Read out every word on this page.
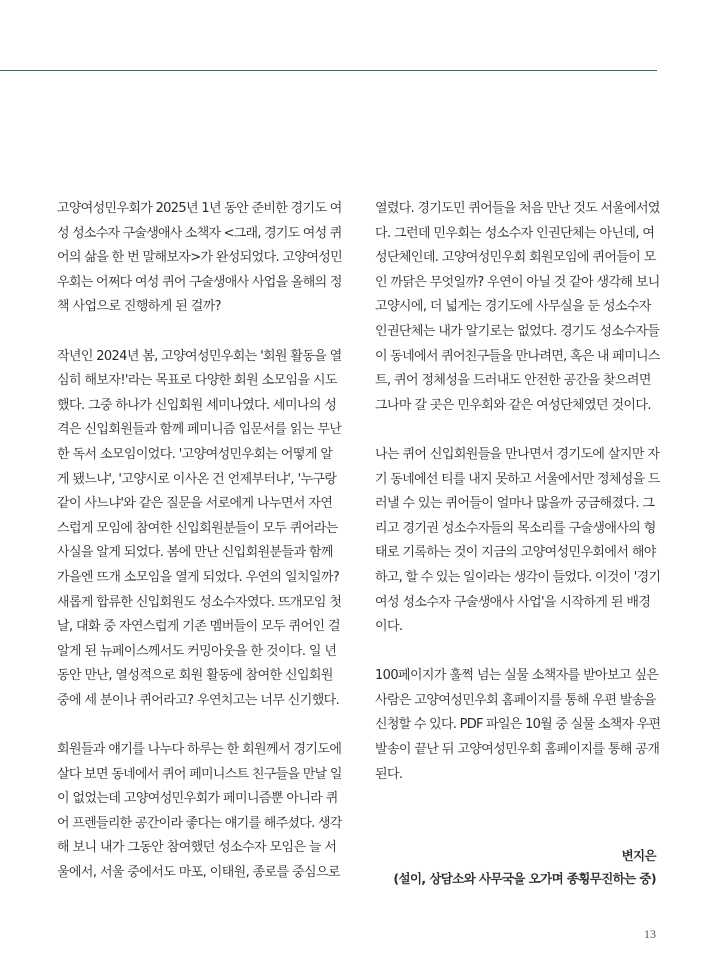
고양여성민우회가 2025년 1년 동안 준비한 경기도 여
성 성소수자 구술생애사 소책자 <그래, 경기도 여성 퀴
어의 삶을 한 번 말해보자>가 완성되었다. 고양여성민
우회는 어쩌다 여성 퀴어 구술생애사 사업을 올해의 정
책 사업으로 진행하게 된 걸까?

작년인 2024년 봄, 고양여성민우회는 '회원 활동을 열
심히 해보자!'라는 목표로 다양한 회원 소모임을 시도
했다. 그중 하나가 신입회원 세미나였다. 세미나의 성
격은 신입회원들과 함께 페미니즘 입문서를 읽는 무난
한 독서 소모임이었다. '고양여성민우회는 어떻게 알
게 됐느냐', '고양시로 이사온 건 언제부터냐', '누구랑
같이 사느냐'와 같은 질문을 서로에게 나누면서 자연
스럽게 모임에 참여한 신입회원분들이 모두 퀴어라는
사실을 알게 되었다. 봄에 만난 신입회원분들과 함께
가을엔 뜨개 소모임을 열게 되었다. 우연의 일치일까?
새롭게 합류한 신입회원도 성소수자였다. 뜨개모임 첫
날, 대화 중 자연스럽게 기존 멤버들이 모두 퀴어인 걸
알게 된 뉴페이스께서도 커밍아웃을 한 것이다. 일 년
동안 만난, 열성적으로 회원 활동에 참여한 신입회원
중에 세 분이나 퀴어라고? 우연치고는 너무 신기했다.

회원들과 얘기를 나누다 하루는 한 회원께서 경기도에
살다 보면 동네에서 퀴어 페미니스트 친구들을 만날 일
이 없었는데 고양여성민우회가 페미니즘뿐 아니라 퀴
어 프렌들리한 공간이라 좋다는 얘기를 해주셨다. 생각
해 보니 내가 그동안 참여했던 성소수자 모임은 늘 서
울에서, 서울 중에서도 마포, 이태원, 종로를 중심으로

열렸다. 경기도민 퀴어들을 처음 만난 것도 서울에서였
다. 그런데 민우회는 성소수자 인권단체는 아닌데, 여
성단체인데. 고양여성민우회 회원모임에 퀴어들이 모
인 까닭은 무엇일까? 우연이 아닐 것 같아 생각해 보니
고양시에, 더 넓게는 경기도에 사무실을 둔 성소수자
인권단체는 내가 알기로는 없었다. 경기도 성소수자들
이 동네에서 퀴어친구들을 만나려면, 혹은 내 페미니스
트, 퀴어 정체성을 드러내도 안전한 공간을 찾으려면
그나마 갈 곳은 민우회와 같은 여성단체였던 것이다.

나는 퀴어 신입회원들을 만나면서 경기도에 살지만 자
기 동네에선 티를 내지 못하고 서울에서만 정체성을 드
러낼 수 있는 퀴어들이 얼마나 많을까 궁금해졌다. 그
리고 경기권 성소수자들의 목소리를 구술생애사의 형
태로 기록하는 것이 지금의 고양여성민우회에서 해야
하고, 할 수 있는 일이라는 생각이 들었다. 이것이 '경기
여성 성소수자 구술생애사 사업'을 시작하게 된 배경
이다.

100페이지가 훌쩍 넘는 실물 소책자를 받아보고 싶은
사람은 고양여성민우회 홈페이지를 통해 우편 발송을
신청할 수 있다. PDF 파일은 10월 중 실물 소책자 우편
발송이 끝난 뒤 고양여성민우회 홈페이지를 통해 공개
된다.

변지은
(설이, 상담소와 사무국을 오가며 종횡무진하는 중)
13
